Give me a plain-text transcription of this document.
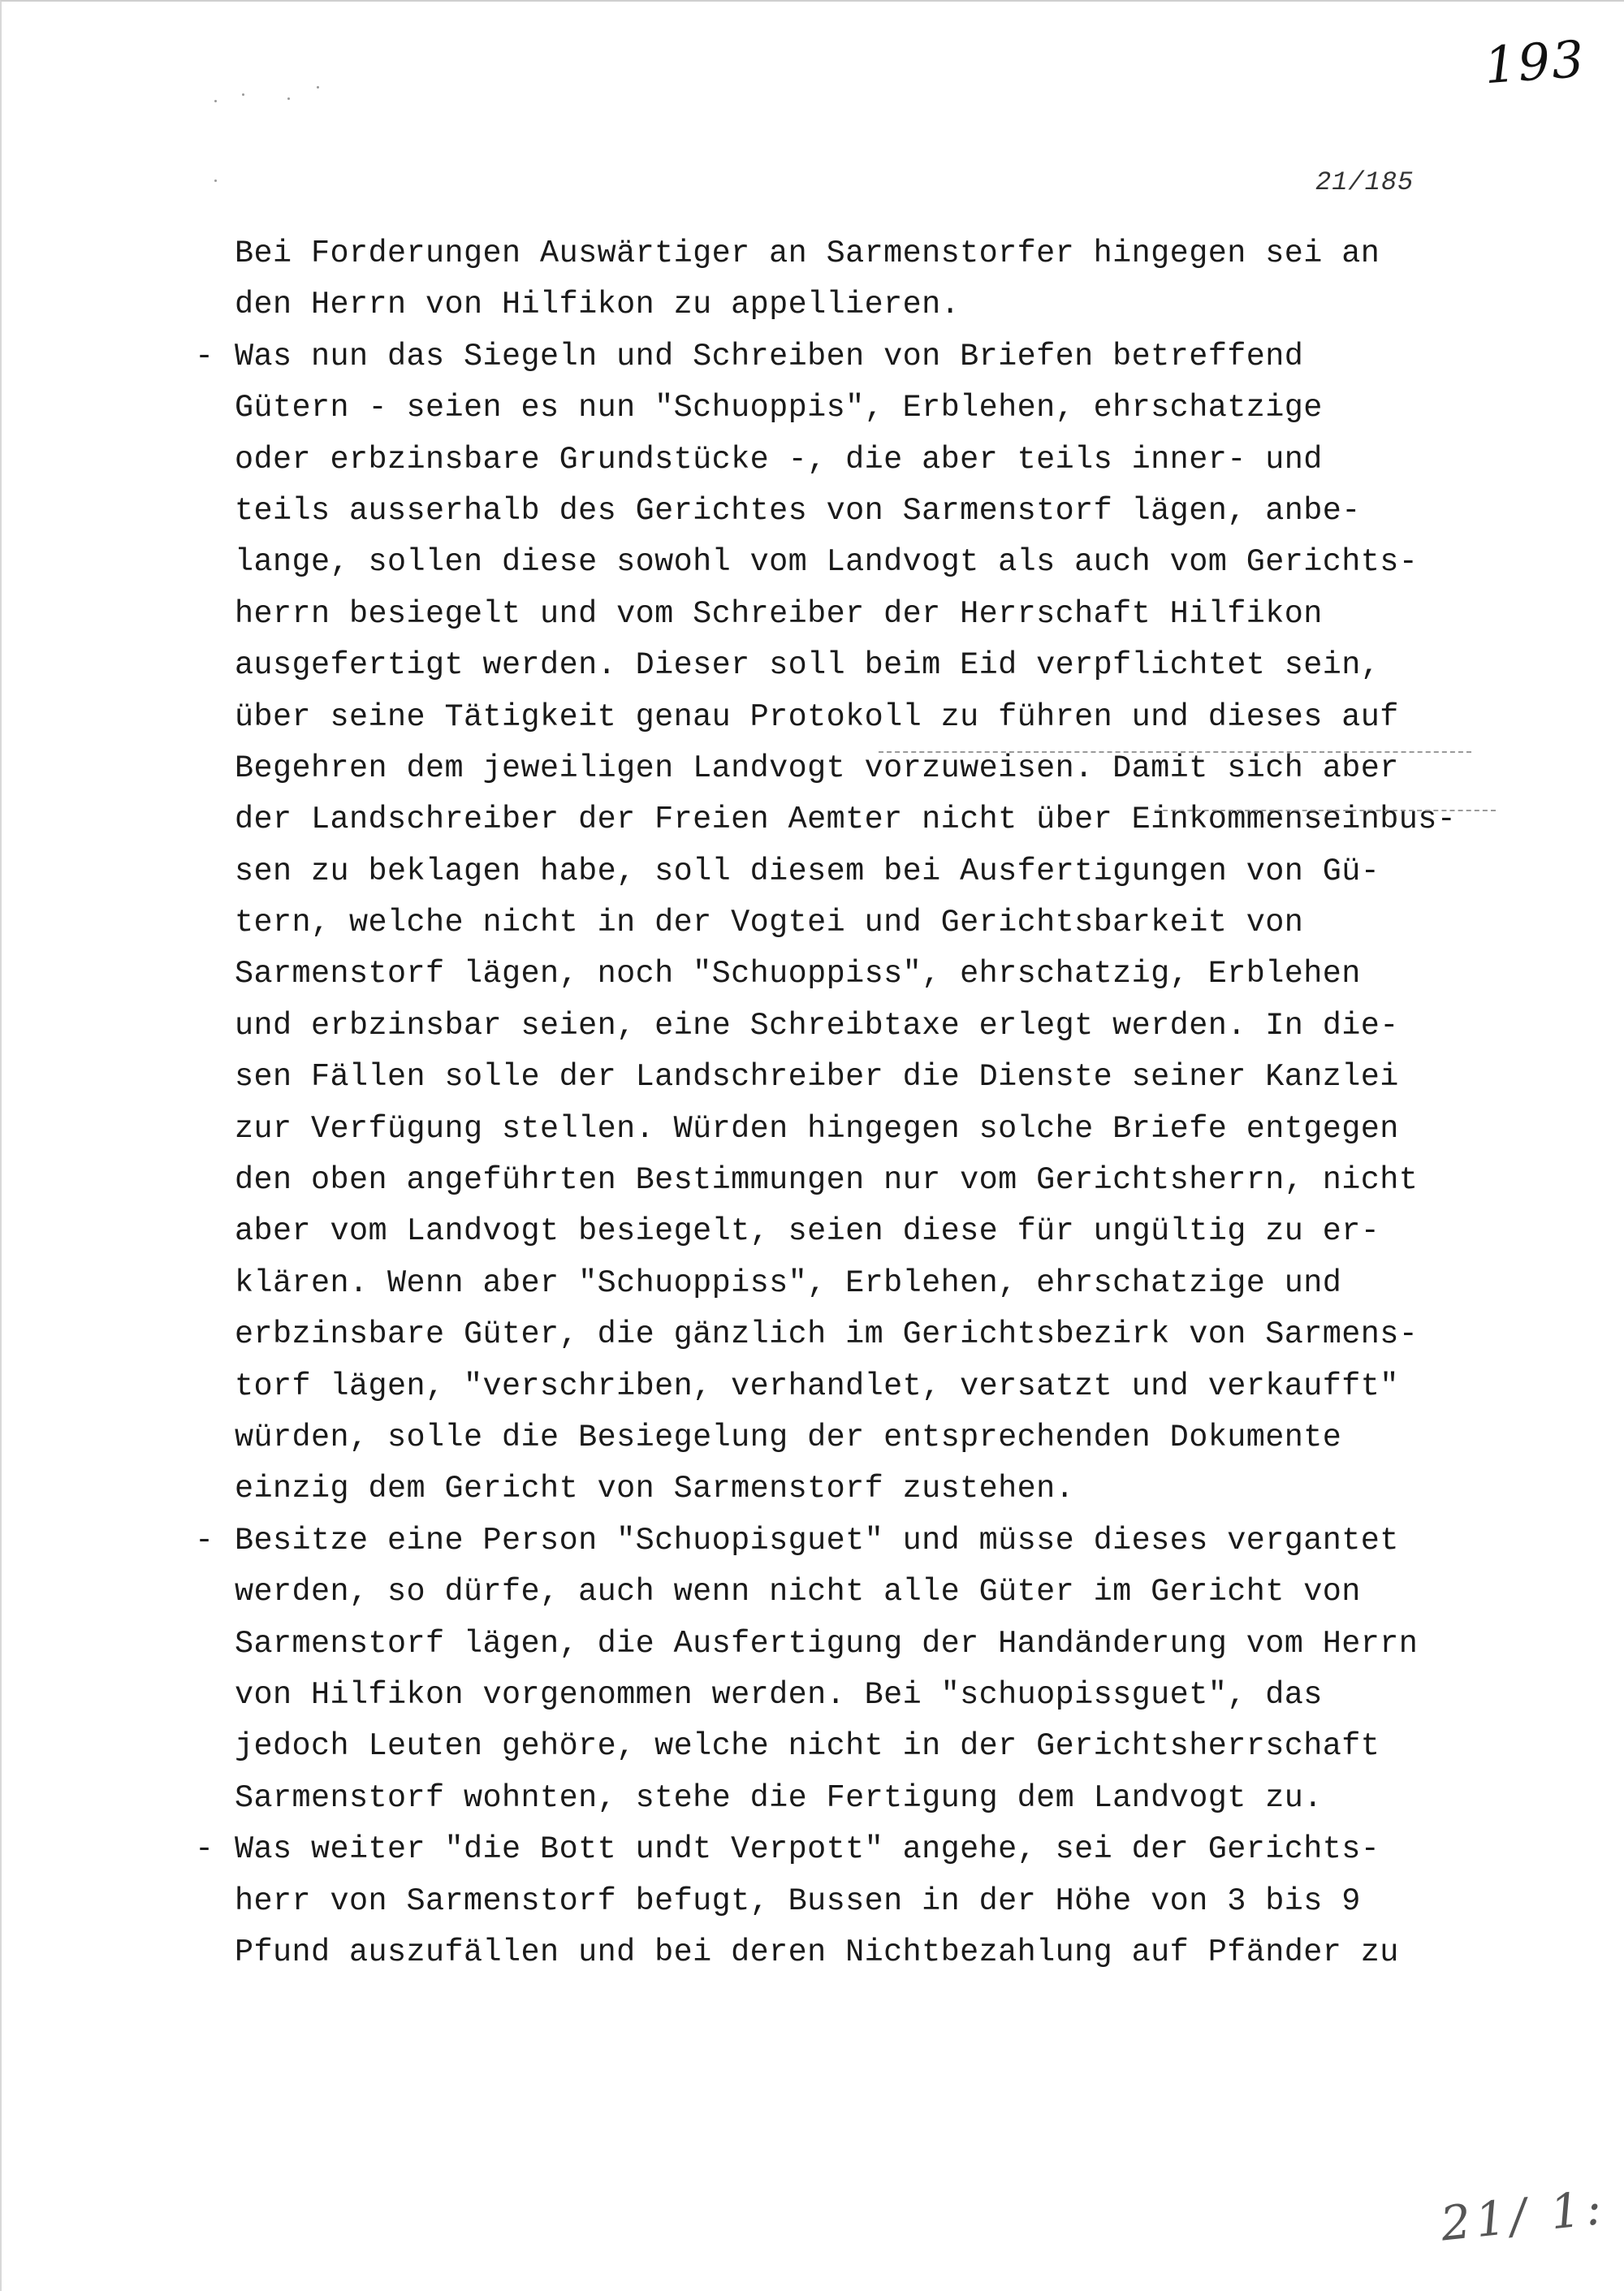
193
21/185
Bei Forderungen Auswärtiger an Sarmenstorfer hingegen sei an
den Herrn von Hilfikon zu appellieren.
- Was nun das Siegeln und Schreiben von Briefen betreffend
Gütern - seien es nun "Schuoppis", Erblehen, ehrschatzige
oder erbzinsbare Grundstücke -, die aber teils inner- und
teils ausserhalb des Gerichtes von Sarmenstorf lägen, anbe-
lange, sollen diese sowohl vom Landvogt als auch vom Gerichts-
herrn besiegelt und vom Schreiber der Herrschaft Hilfikon
ausgefertigt werden. Dieser soll beim Eid verpflichtet sein,
über seine Tätigkeit genau Protokoll zu führen und dieses auf
Begehren dem jeweiligen Landvogt vorzuweisen. Damit sich aber
der Landschreiber der Freien Aemter nicht über Einkommenseinbus-
sen zu beklagen habe, soll diesem bei Ausfertigungen von Gü-
tern, welche nicht in der Vogtei und Gerichtsbarkeit von
Sarmenstorf lägen, noch "Schuoppiss", ehrschatzig, Erblehen
und erbzinsbar seien, eine Schreibtaxe erlegt werden. In die-
sen Fällen solle der Landschreiber die Dienste seiner Kanzlei
zur Verfügung stellen. Würden hingegen solche Briefe entgegen
den oben angeführten Bestimmungen nur vom Gerichtsherrn, nicht
aber vom Landvogt besiegelt, seien diese für ungültig zu er-
klären. Wenn aber "Schuoppiss", Erblehen, ehrschatzige und
erbzinsbare Güter, die gänzlich im Gerichtsbezirk von Sarmens-
torf lägen, "verschriben, verhandlet, versatzt und verkaufft"
würden, solle die Besiegelung der entsprechenden Dokumente
einzig dem Gericht von Sarmenstorf zustehen.
- Besitze eine Person "Schuopisguet" und müsse dieses vergantet
werden, so dürfe, auch wenn nicht alle Güter im Gericht von
Sarmenstorf lägen, die Ausfertigung der Handänderung vom Herrn
von Hilfikon vorgenommen werden. Bei "schuopissguet", das
jedoch Leuten gehöre, welche nicht in der Gerichtsherrschaft
Sarmenstorf wohnten, stehe die Fertigung dem Landvogt zu.
- Was weiter "die Bott undt Verpott" angehe, sei der Gerichts-
herr von Sarmenstorf befugt, Bussen in der Höhe von 3 bis 9
Pfund auszufällen und bei deren Nichtbezahlung auf Pfänder zu
21/ 1:
